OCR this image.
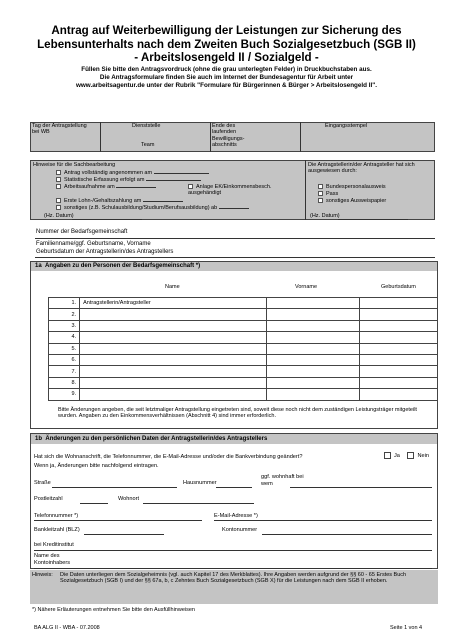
Antrag auf Weiterbewilligung der Leistungen zur Sicherung des
Lebensunterhalts nach dem Zweiten Buch Sozialgesetzbuch (SGB II)
- Arbeitslosengeld II / Sozialgeld -
Füllen Sie bitte den Antragsvordruck (ohne die grau unterlegten Felder) in Druckbuchstaben aus.
Die Antragsformulare finden Sie auch im Internet der Bundesagentur für Arbeit unter
www.arbeitsagentur.de unter der Rubrik "Formulare für Bürgerinnen & Bürger > Arbeitslosengeld II".
Tag der Antragstellung bei WB
Dienststelle
Team
Ende des laufenden Bewilligungs- abschnitts
Eingangsstempel
Hinweise für die Sachbearbeitung
Antrag vollständig angenommen am
Statistische Erfassung erfolgt am
Arbeitsaufnahme am	Anlage EK/Einkommensbesch. ausgehändigt
Erste Lohn-/Gehaltszahlung am
sonstiges (z.B. Schulausbildung/Studium/Berufsausbildung) ab
(Hz. Datum)
Die Antragstellerin/der Antragsteller hat sich ausgewiesen durch:
Bundespersonalausweis
Pass
sonstiges Ausweispapier
(Hz. Datum)
Nummer der Bedarfsgemeinschaft
Familienname/ggf. Geburtsname, Vorname
Geburtsdatum der Antragstellerin/des Antragstellers
1a Angaben zu den Personen der Bedarfsgemeinschaft *)
Name	Vorname	Geburtsdatum
1.	Antragstellerin/Antragsteller		
2.			
3.			
4.			
5.			
6.			
7.			
8.			
9.			
Bitte Änderungen angeben, die seit letztmaliger Antragstellung eingetreten sind, soweit diese noch nicht dem zuständigen Leistungsträger mitgeteilt wurden. Angaben zu den Einkommensverhältnissen (Abschnitt 4) sind immer erforderlich.
1b Änderungen zu den persönlichen Daten der Antragstellerin/des Antragstellers
Hat sich die Wohnanschrift, die Telefonnummer, die E-Mail-Adresse und/oder die Bankverbindung geändert?	Ja	Nein
Wenn ja, Änderungen bitte nachfolgend eintragen.
Straße	Hausnummer
ggf. wohnhaft bei wem
Postleitzahl	Wohnort
Telefonnummer *)	E-Mail-Adresse *)
Bankleitzahl (BLZ)	Kontonummer
bei Kreditinstitut
Name des Kontoinhabers
Hinweis: Die Daten unterliegen dem Sozialgeheimnis (vgl. auch Kapitel 17 des Merkblattes). Ihre Angaben werden aufgrund der §§ 60 - 65 Erstes Buch Sozialgesetzbuch (SGB I) und der §§ 67a, b, c Zehntes Buch Sozialgesetzbuch (SGB X) für die Leistungen nach dem SGB II erhoben.
*) Nähere Erläuterungen entnehmen Sie bitte den Ausfüllhinweisen
BA ALG II - WBA - 07.2008	Seite 1 von 4
